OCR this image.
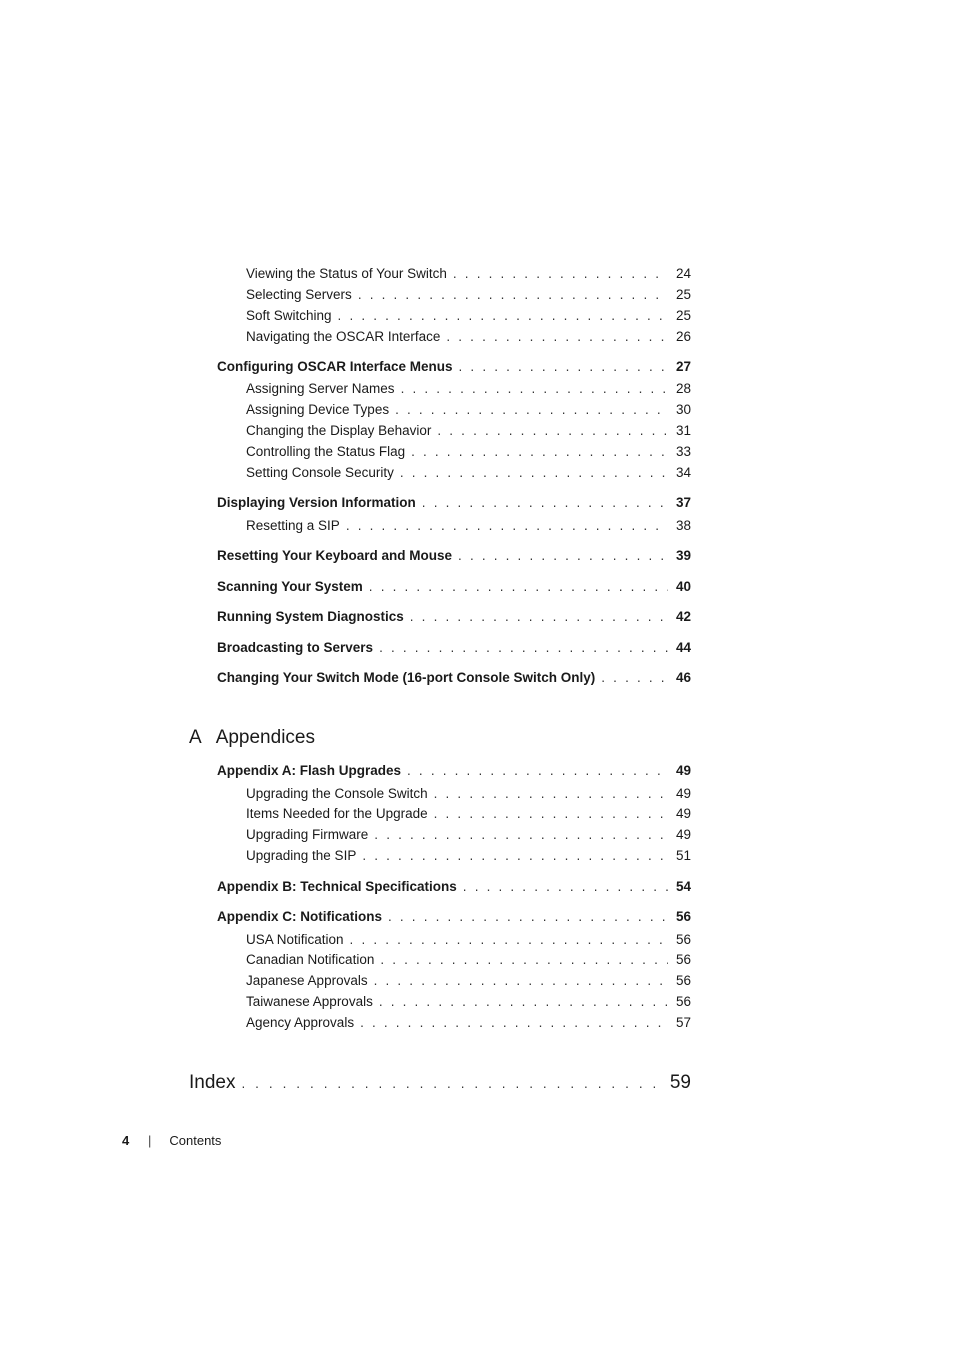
Viewing the Status of Your Switch . . .	24
Selecting Servers . . .	25
Soft Switching . . .	25
Navigating the OSCAR Interface . . .	26
Configuring OSCAR Interface Menus . . .	27
Assigning Server Names . . .	28
Assigning Device Types . . .	30
Changing the Display Behavior . . .	31
Controlling the Status Flag . . .	33
Setting Console Security . . .	34
Displaying Version Information . . .	37
Resetting a SIP . . .	38
Resetting Your Keyboard and Mouse . . .	39
Scanning Your System . . .	40
Running System Diagnostics . . .	42
Broadcasting to Servers . . .	44
Changing Your Switch Mode (16-port Console Switch Only) . . .	46
A Appendices
Appendix A: Flash Upgrades . . .	49
Upgrading the Console Switch . . .	49
Items Needed for the Upgrade . . .	49
Upgrading Firmware . . .	49
Upgrading the SIP . . .	51
Appendix B: Technical Specifications . . .	54
Appendix C: Notifications . . .	56
USA Notification . . .	56
Canadian Notification . . .	56
Japanese Approvals . . .	56
Taiwanese Approvals . . .	56
Agency Approvals . . .	57
Index . . .	59
4 | Contents
